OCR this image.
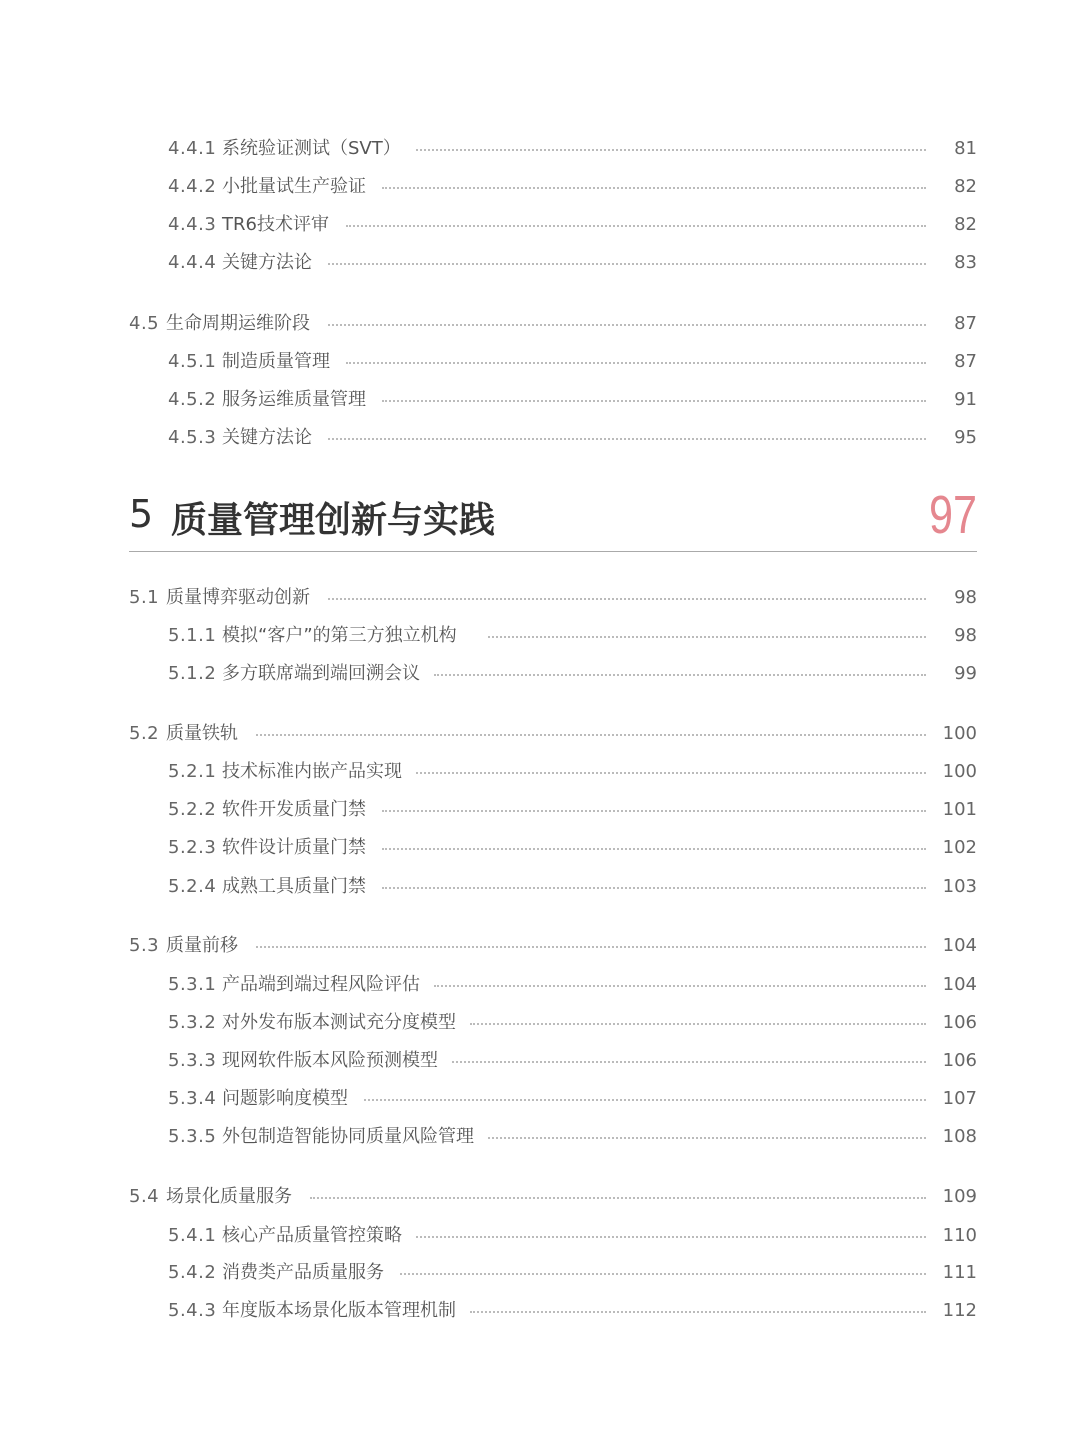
4.4.1 系统验证测试（SVT）	81
4.4.2 小批量试生产验证	82
4.4.3 TR6技术评审	82
4.4.4 关键方法论	83
4.5 生命周期运维阶段	87
4.5.1 制造质量管理	87
4.5.2 服务运维质量管理	91
4.5.3 关键方法论	95
5 质量管理创新与实践	97
5.1 质量博弈驱动创新	98
5.1.1 模拟“客户”的第三方独立机构	98
5.1.2 多方联席端到端回溯会议	99
5.2 质量铁轨	100
5.2.1 技术标准内嵌产品实现	100
5.2.2 软件开发质量门禁	101
5.2.3 软件设计质量门禁	102
5.2.4 成熟工具质量门禁	103
5.3 质量前移	104
5.3.1 产品端到端过程风险评估	104
5.3.2 对外发布版本测试充分度模型	106
5.3.3 现网软件版本风险预测模型	106
5.3.4 问题影响度模型	107
5.3.5 外包制造智能协同质量风险管理	108
5.4 场景化质量服务	109
5.4.1 核心产品质量管控策略	110
5.4.2 消费类产品质量服务	111
5.4.3 年度版本场景化版本管理机制	112
